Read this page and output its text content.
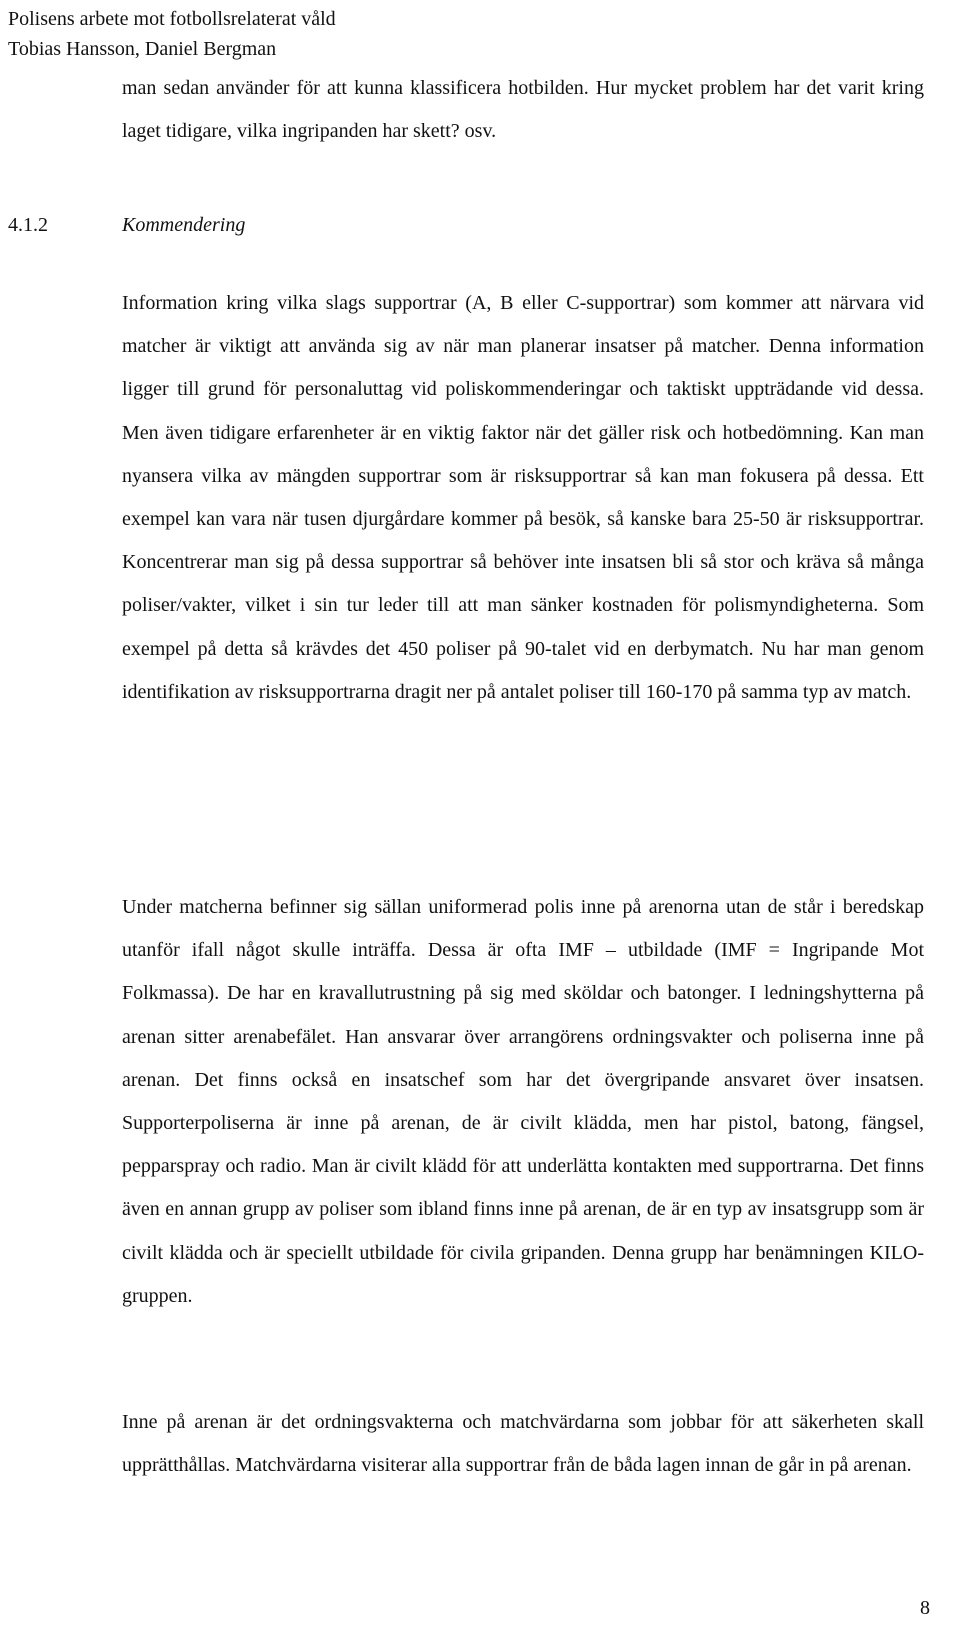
Polisens arbete mot fotbollsrelaterat våld
Tobias Hansson, Daniel Bergman

man sedan använder för att kunna klassificera hotbilden. Hur mycket problem har det varit kring laget tidigare, vilka ingripanden har skett? osv.

4.1.2	Kommendering

Information kring vilka slags supportrar (A, B eller C-supportrar) som kommer att närvara vid matcher är viktigt att använda sig av när man planerar insatser på matcher. Denna information ligger till grund för personaluttag vid poliskommenderingar och taktiskt uppträdande vid dessa. Men även tidigare erfarenheter är en viktig faktor när det gäller risk och hotbedömning. Kan man nyansera vilka av mängden supportrar som är risksupportrar så kan man fokusera på dessa. Ett exempel kan vara när tusen djurgårdare kommer på besök, så kanske bara 25-50 är risksupportrar. Koncentrerar man sig på dessa supportrar så behöver inte insatsen bli så stor och kräva så många poliser/vakter, vilket i sin tur leder till att man sänker kostnaden för polismyndigheterna. Som exempel på detta så krävdes det 450 poliser på 90-talet vid en derbymatch. Nu har man genom identifikation av risksupportrarna dragit ner på antalet poliser till 160-170 på samma typ av match.

Under matcherna befinner sig sällan uniformerad polis inne på arenorna utan de står i beredskap utanför ifall något skulle inträffa. Dessa är ofta IMF – utbildade (IMF = Ingripande Mot Folkmassa). De har en kravallutrustning på sig med sköldar och batonger. I ledningshytterna på arenan sitter arenabefälet. Han ansvarar över arrangörens ordningsvakter och poliserna inne på arenan. Det finns också en insatschef som har det övergripande ansvaret över insatsen. Supporterpoliserna är inne på arenan, de är civilt klädda, men har pistol, batong, fängsel, pepparspray och radio. Man är civilt klädd för att underlätta kontakten med supportrarna. Det finns även en annan grupp av poliser som ibland finns inne på arenan, de är en typ av insatsgrupp som är civilt klädda och är speciellt utbildade för civila gripanden. Denna grupp har benämningen KILO-gruppen.

Inne på arenan är det ordningsvakterna och matchvärdarna som jobbar för att säkerheten skall upprätthållas. Matchvärdarna visiterar alla supportrar från de båda lagen innan de går in på arenan.

8
